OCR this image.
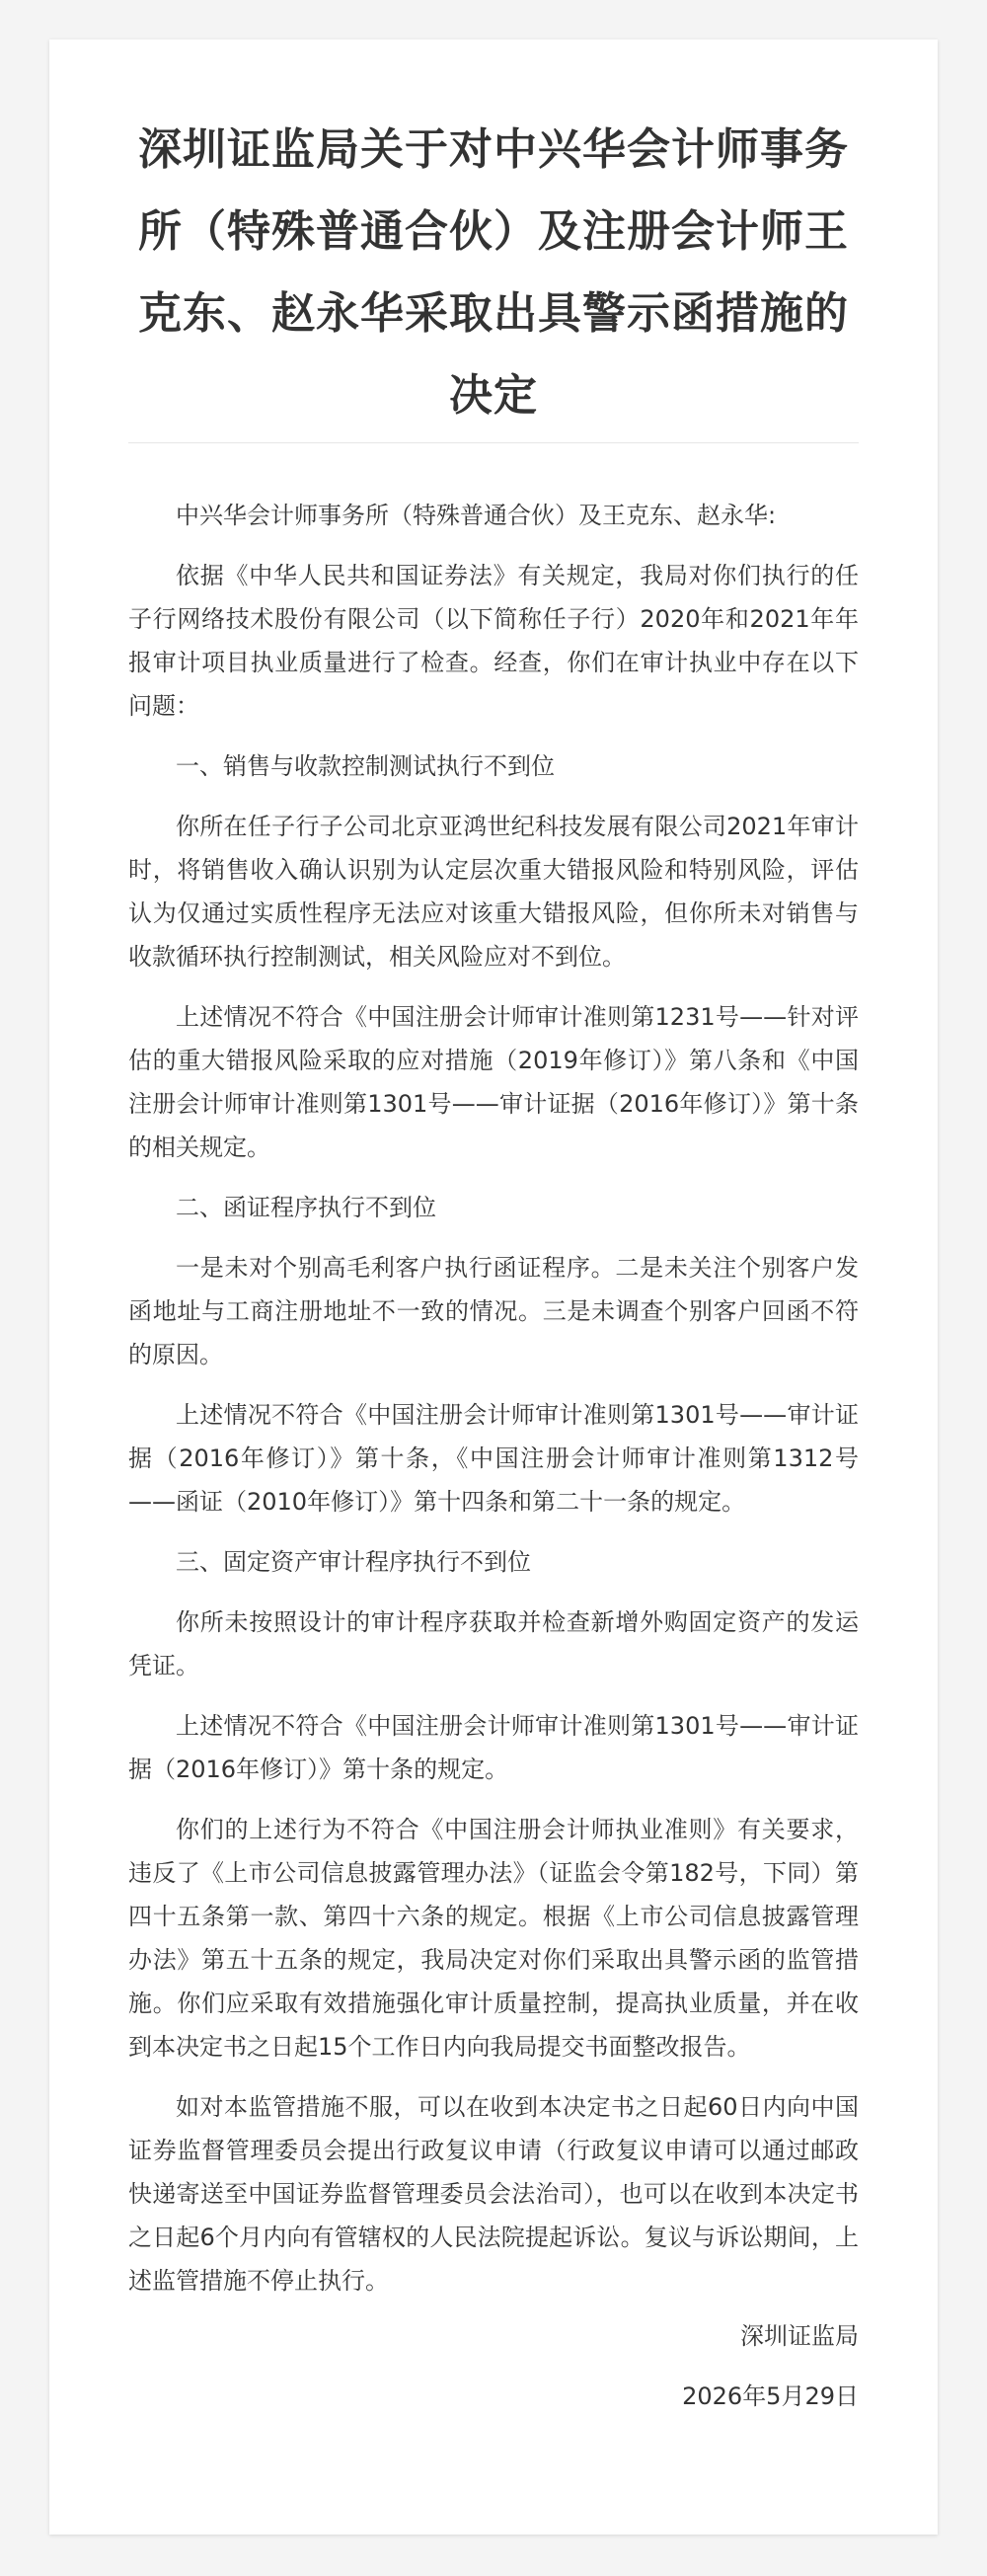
深圳证监局关于对中兴华会计师事务所（特殊普通合伙）及注册会计师王克东、赵永华采取出具警示函措施的决定

中兴华会计师事务所（特殊普通合伙）及王克东、赵永华:

依据《中华人民共和国证券法》有关规定，我局对你们执行的任子行网络技术股份有限公司（以下简称任子行）2020年和2021年年报审计项目执业质量进行了检查。经查，你们在审计执业中存在以下问题：

一、销售与收款控制测试执行不到位

你所在任子行子公司北京亚鸿世纪科技发展有限公司2021年审计时，将销售收入确认识别为认定层次重大错报风险和特别风险，评估认为仅通过实质性程序无法应对该重大错报风险，但你所未对销售与收款循环执行控制测试，相关风险应对不到位。

上述情况不符合《中国注册会计师审计准则第1231号——针对评估的重大错报风险采取的应对措施（2019年修订）》第八条和《中国注册会计师审计准则第1301号——审计证据（2016年修订）》第十条的相关规定。

二、函证程序执行不到位

一是未对个别高毛利客户执行函证程序。二是未关注个别客户发函地址与工商注册地址不一致的情况。三是未调查个别客户回函不符的原因。

上述情况不符合《中国注册会计师审计准则第1301号——审计证据（2016年修订）》第十条，《中国注册会计师审计准则第1312号——函证（2010年修订）》第十四条和第二十一条的规定。

三、固定资产审计程序执行不到位

你所未按照设计的审计程序获取并检查新增外购固定资产的发运凭证。

上述情况不符合《中国注册会计师审计准则第1301号——审计证据（2016年修订）》第十条的规定。

你们的上述行为不符合《中国注册会计师执业准则》有关要求，违反了《上市公司信息披露管理办法》（证监会令第182号，下同）第四十五条第一款、第四十六条的规定。根据《上市公司信息披露管理办法》第五十五条的规定，我局决定对你们采取出具警示函的监管措施。你们应采取有效措施强化审计质量控制，提高执业质量，并在收到本决定书之日起15个工作日内向我局提交书面整改报告。

如对本监管措施不服，可以在收到本决定书之日起60日内向中国证券监督管理委员会提出行政复议申请（行政复议申请可以通过邮政快递寄送至中国证券监督管理委员会法治司），也可以在收到本决定书之日起6个月内向有管辖权的人民法院提起诉讼。复议与诉讼期间，上述监管措施不停止执行。

深圳证监局
2026年5月29日
